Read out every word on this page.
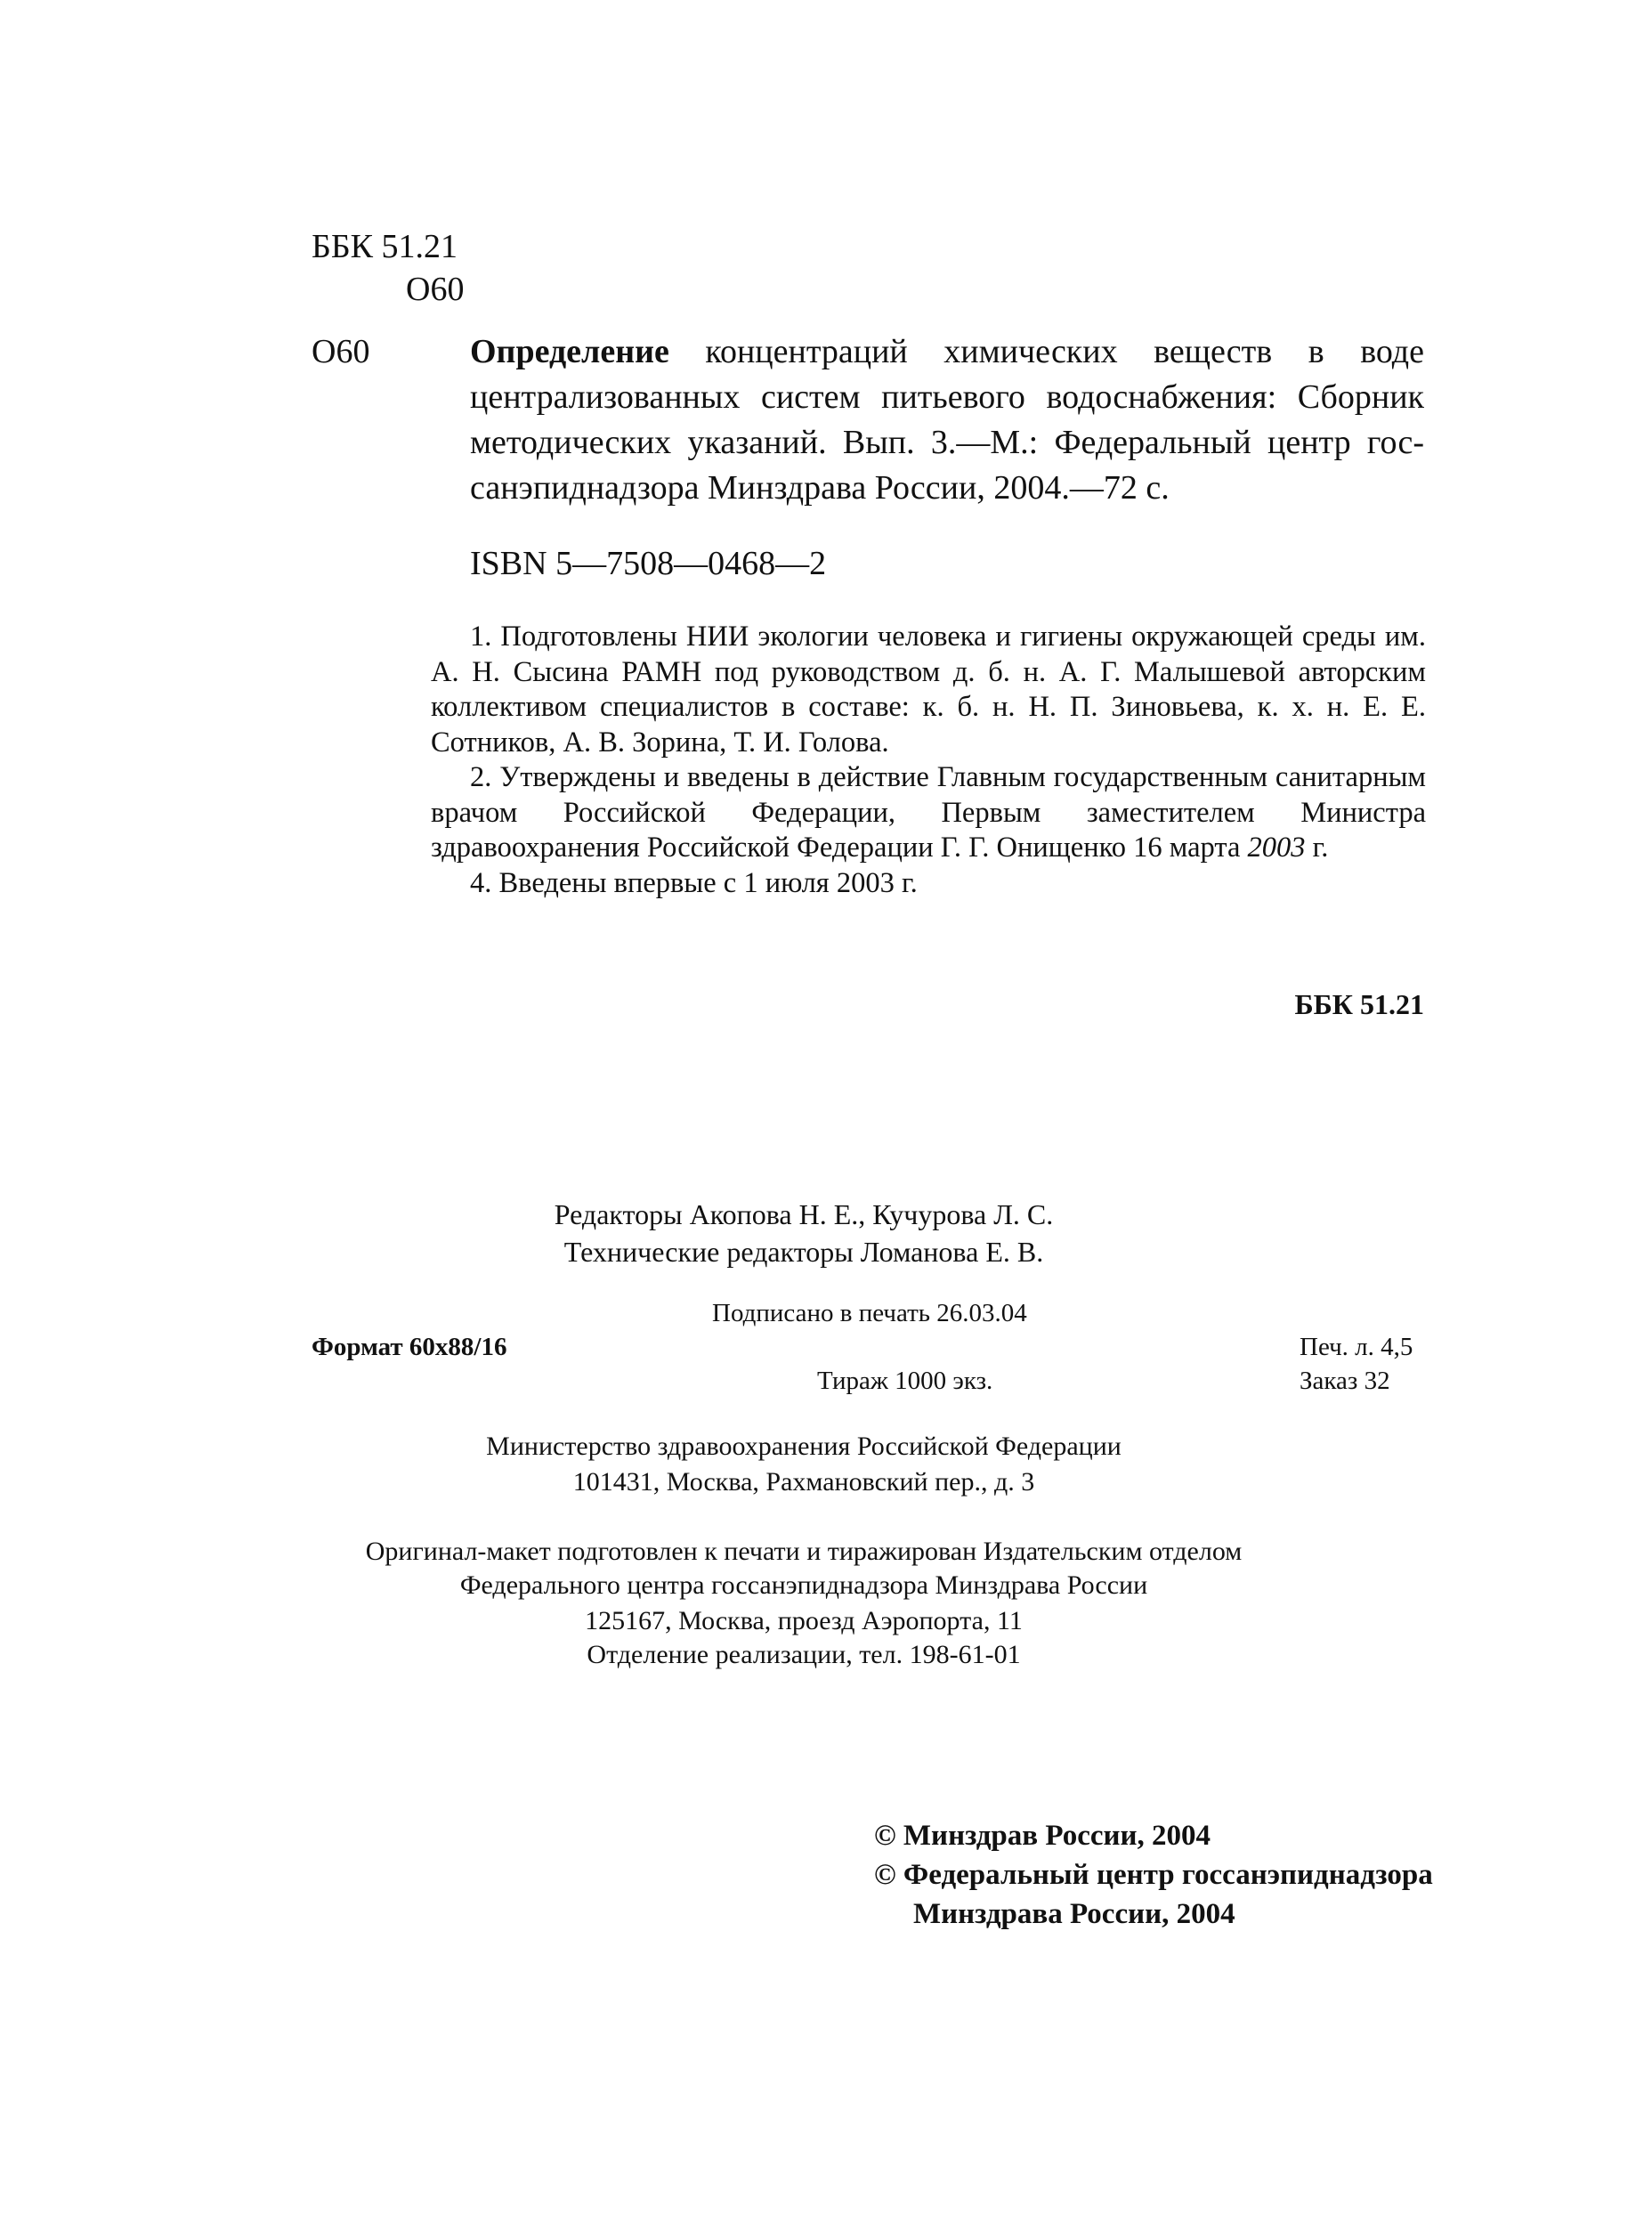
ББК 51.21
О60
О60	Определение концентраций химических веществ в воде централизованных систем питьевого водоснабжения: Сборник методических указаний. Вып. 3.—М.: Федеральный центр госсанэпиднадзора Минздрава России, 2004.—72 с.
ISBN 5—7508—0468—2

1. Подготовлены НИИ экологии человека и гигиены окружающей среды им. А. Н. Сысина РАМН под руководством д. б. н. А. Г. Малышевой авторским коллективом специалистов в составе: к. б. н. Н. П. Зиновьева, к. х. н. Е. Е. Сотников, А. В. Зорина, Т. И. Голова.

2. Утверждены и введены в действие Главным государственным санитарным врачом Российской Федерации, Первым заместителем Министра здравоохранения Российской Федерации Г. Г. Онищенко 16 марта 2003 г.

4. Введены впервые с 1 июля 2003 г.

ББК 51.21
Редакторы Акопова Н. Е., Кучурова Л. С.
Технические редакторы Ломанова Е. В.
Подписано в печать 26.03.04
Формат 60x88/16	Печ. л. 4,5
Тираж 1000 экз.	Заказ 32
Министерство здравоохранения Российской Федерации
101431, Москва, Рахмановский пер., д. 3
Оригинал-макет подготовлен к печати и тиражирован Издательским отделом
Федерального центра госсанэпиднадзора Минздрава России
125167, Москва, проезд Аэропорта, 11
Отделение реализации, тел. 198-61-01
© Минздрав России, 2004
© Федеральный центр госсанэпиднадзора
Минздрава России, 2004
